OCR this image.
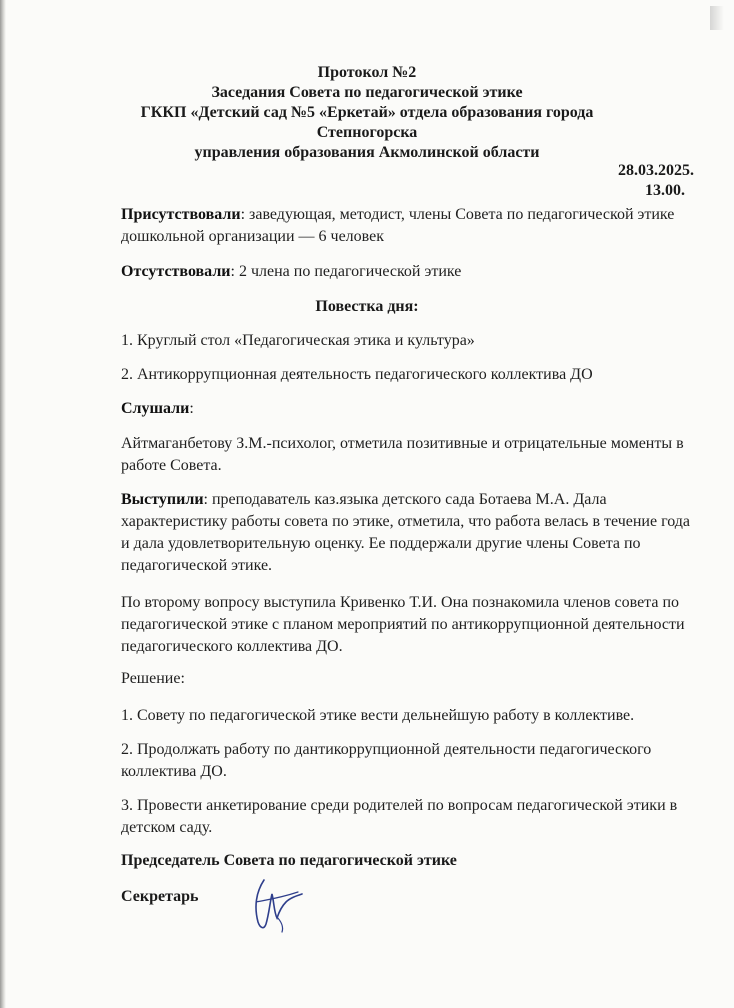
Протокол №2
Заседания Совета по педагогической этике
ГККП «Детский сад №5 «Еркетай» отдела образования города
Степногорска
управления образования Акмолинской области
28.03.2025.
13.00.
Присутствовали: заведующая, методист, члены Совета по педагогической этике дошкольной организации — 6 человек
Отсутствовали: 2 члена по педагогической этике
Повестка дня:
1. Круглый стол «Педагогическая этика и культура»
2. Антикоррупционная деятельность педагогического коллектива ДО
Слушали:
Айтмаганбетову З.М.-психолог, отметила позитивные и отрицательные моменты в работе Совета.
Выступили: преподаватель каз.языка детского сада Ботаева М.А. Дала характеристику работы совета по этике, отметила, что работа велась в течение года и дала удовлетворительную оценку. Ее поддержали другие члены Совета по педагогической этике.
По второму вопросу выступила Кривенко Т.И. Она познакомила членов совета по педагогической этике с планом мероприятий по антикоррупционной деятельности педагогического коллектива ДО.
Решение:
1. Совету по педагогической этике вести дельнейшую работу в коллективе.
2. Продолжать работу по дантикоррупционной деятельности педагогического коллектива ДО.
3. Провести анкетирование среди родителей по вопросам педагогической этики в детском саду.
Председатель Совета по педагогической этике
Секретарь
